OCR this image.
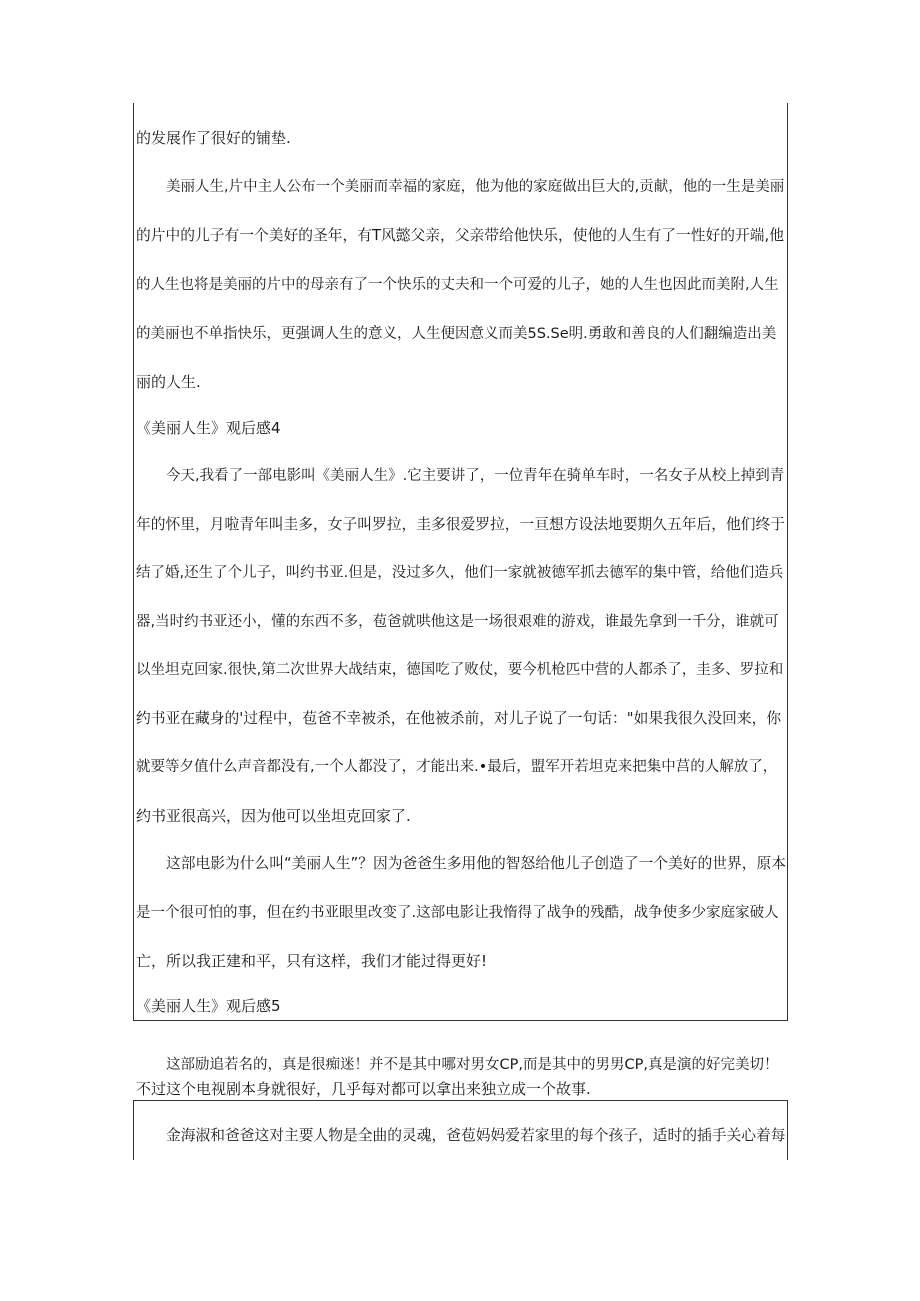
的发展作了很好的铺垫.
美丽人生,片中主人公布一个美丽而幸福的家庭，他为他的家庭做出巨大的,贡献，他的一生是美丽
的片中的儿子有一个美好的圣年，有T风懿父亲，父亲带给他快乐，使他的人生有了一性好的开端,他
的人生也将是美丽的片中的母亲有了一个快乐的丈夫和一个可爱的儿子，她的人生也因此而美附,人生
的美丽也不单指快乐，更强调人生的意义，人生便因意义而美5S.Se明.勇敢和善良的人们翻编造出美
丽的人生.
《美丽人生》观后感4
今天,我看了一部电影叫《美丽人生》.它主要讲了，一位青年在骑单车时，一名女子从校上掉到青
年的怀里，月啦青年叫圭多，女子叫罗拉，圭多很爱罗拉，一亘想方设法地要期久五年后，他们终于
结了婚,还生了个儿子，叫约书亚.但是，没过多久，他们一家就被德军抓去德军的集中管，给他们造兵
器,当时约书亚还小，懂的东西不多，苞爸就哄他这是一场很艰难的游戏，谁最先拿到一千分，谁就可
以坐坦克回家.很快,第二次世界大战结束，德国吃了败仗，要今机枪匹中营的人都杀了，圭多、罗拉和
约书亚在藏身的'过程中，苞爸不幸被杀，在他被杀前，对儿子说了一句话："如果我很久没回来，你
就要等夕值什么声音都没有,一个人都没了，才能出来.•最后，盟军开若坦克来把集中莒的人解放了，
约书亚很高兴，因为他可以坐坦克回家了.
这部电影为什么叫“美丽人生”？因为爸爸生多用他的智怒给他儿子创造了一个美好的世界，原本
是一个很可怕的事，但在约书亚眼里改变了.这部电影让我惰得了战争的残酷，战争使多少家庭家破人
亡，所以我正建和平，只有这样，我们才能过得更好!
《美丽人生》观后感5
这部励追若名的，真是很痴迷！并不是其中哪对男女CP,而是其中的男男CP,真是演的好完美切！
不过这个电视剧本身就很好，几乎每对都可以拿出来独立成一个故事.
金海淑和爸爸这对主要人物是全曲的灵魂，爸苞妈妈爱若家里的每个孩子，适时的插手关心着每
